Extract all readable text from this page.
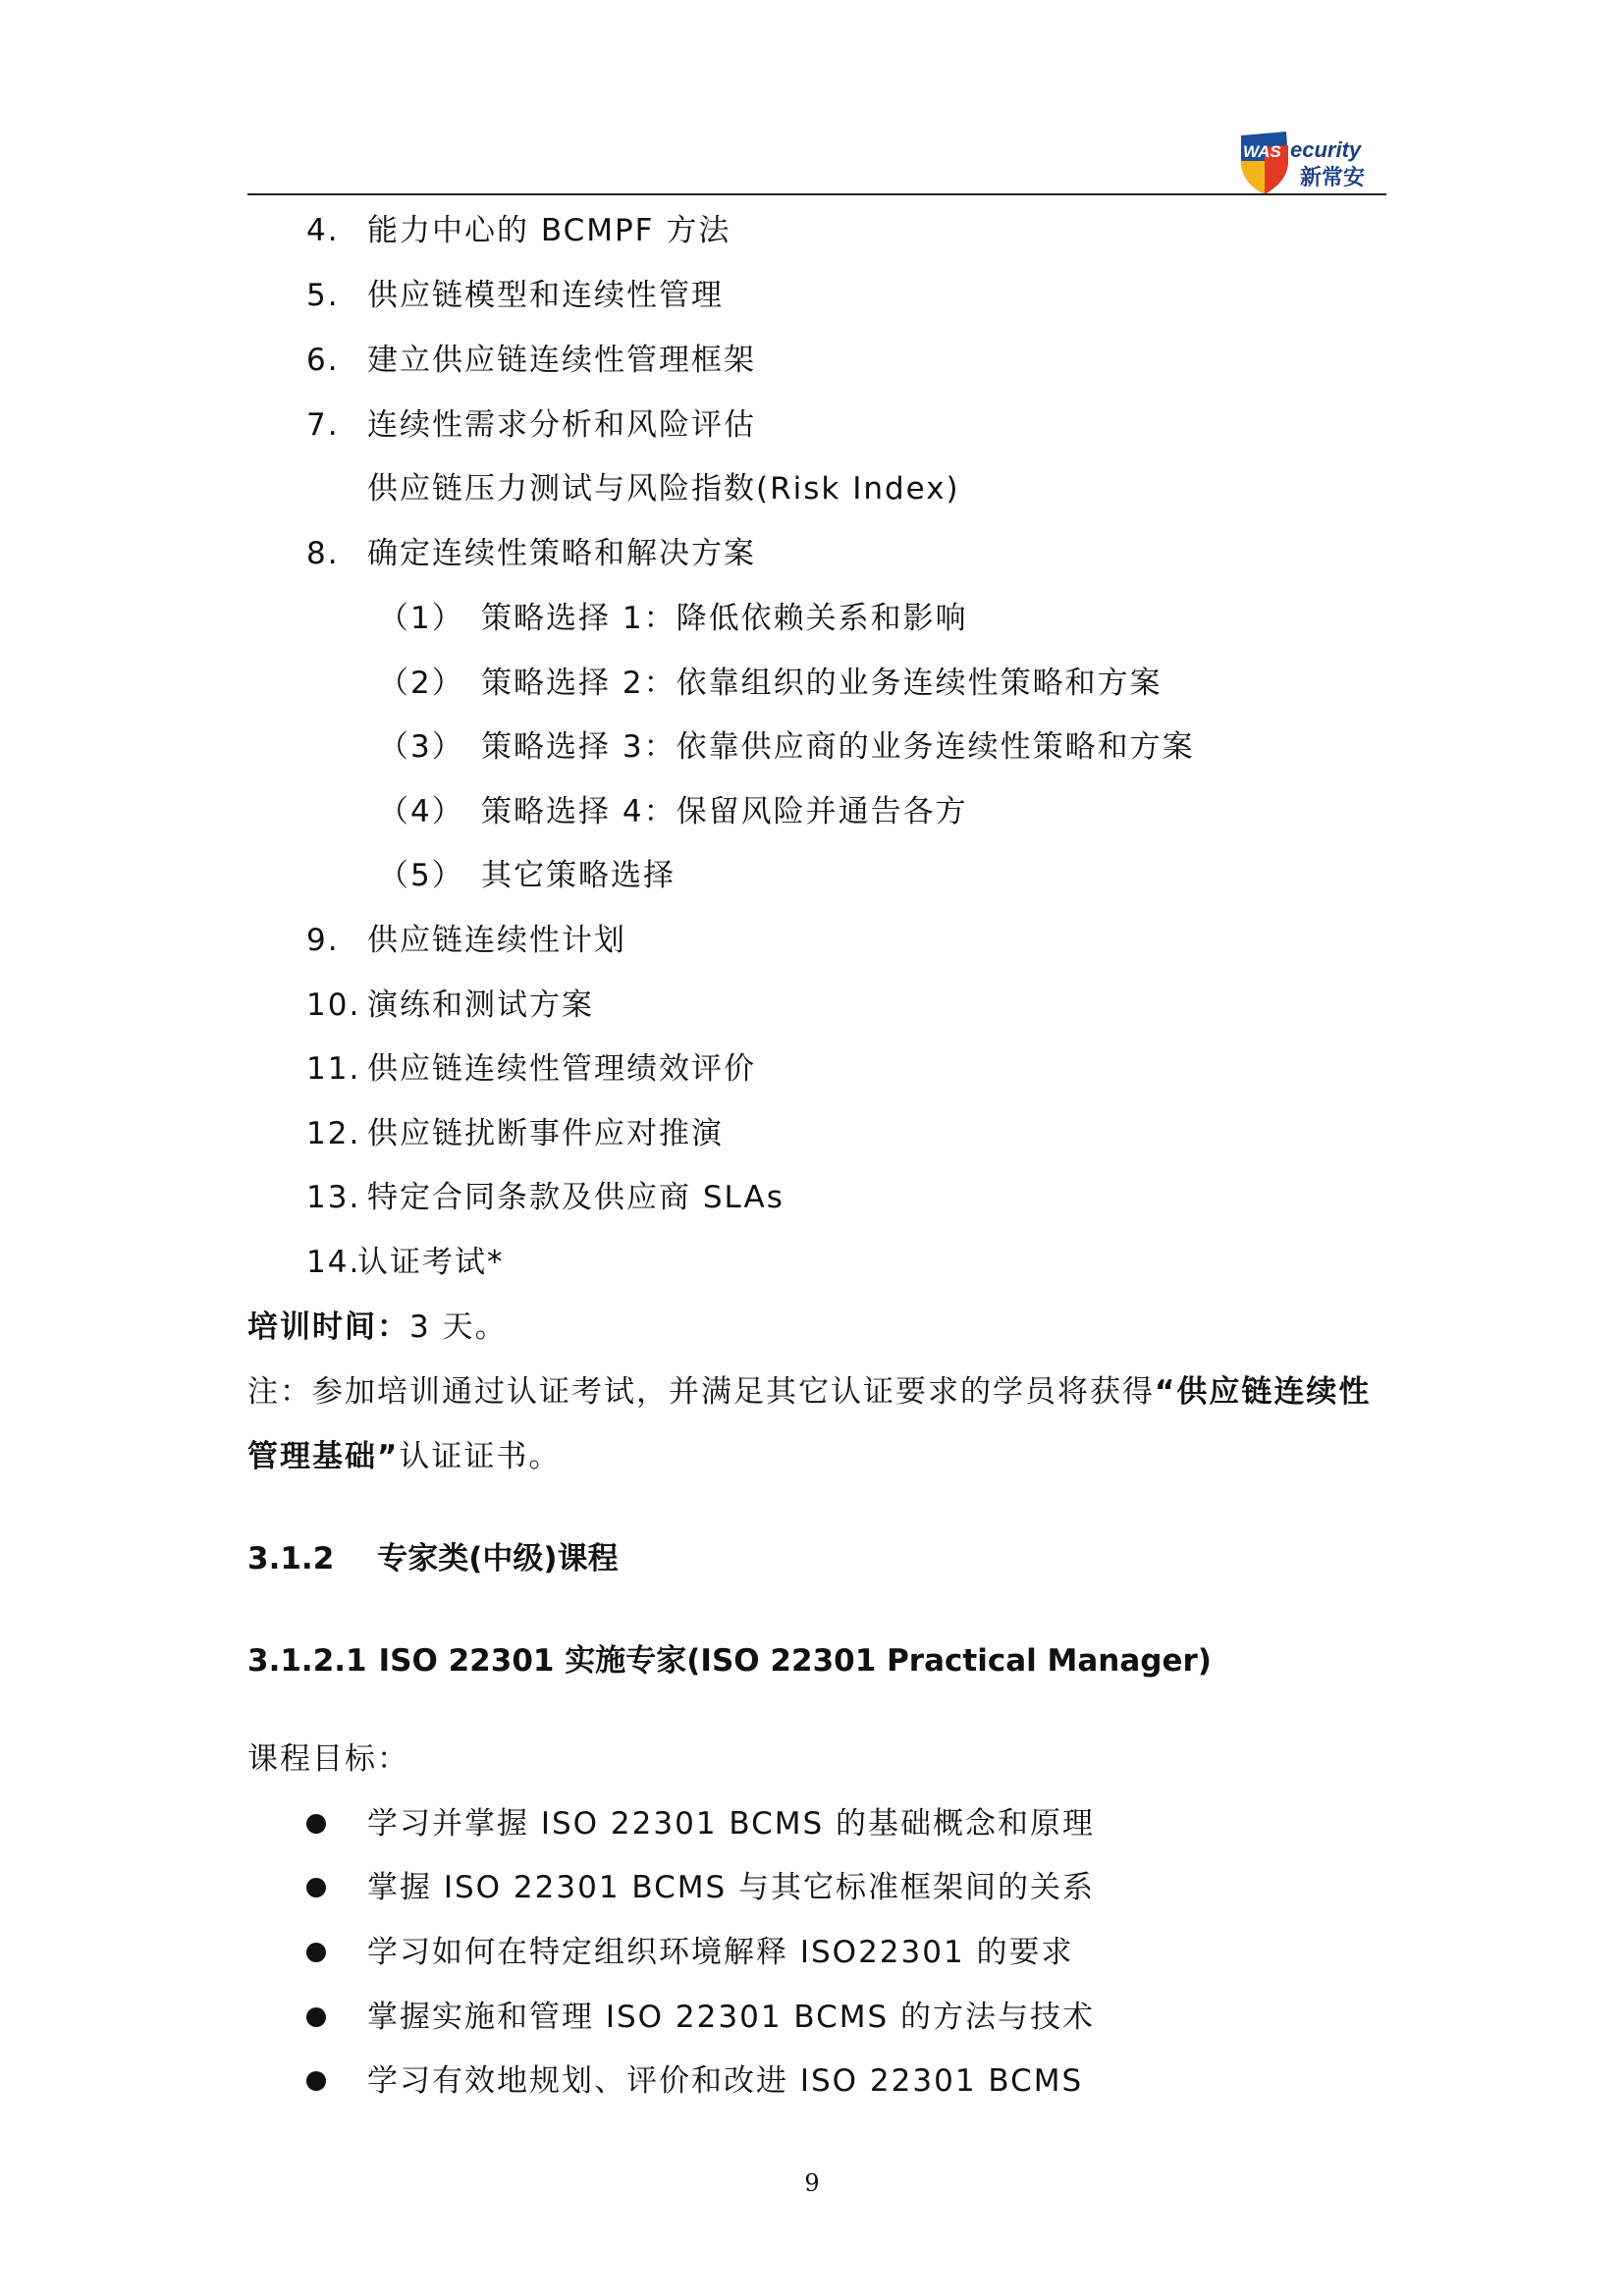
WAS ecurity
新常安
4. 能力中心的 BCMPF 方法
5. 供应链模型和连续性管理
6. 建立供应链连续性管理框架
7. 连续性需求分析和风险评估
供应链压力测试与风险指数(Risk Index)
8. 确定连续性策略和解决方案
（1） 策略选择 1：降低依赖关系和影响
（2） 策略选择 2：依靠组织的业务连续性策略和方案
（3） 策略选择 3：依靠供应商的业务连续性策略和方案
（4） 策略选择 4：保留风险并通告各方
（5） 其它策略选择
9. 供应链连续性计划
10. 演练和测试方案
11. 供应链连续性管理绩效评价
12. 供应链扰断事件应对推演
13. 特定合同条款及供应商 SLAs
14.
认证考试*
培训时间：3 天。
注：参加培训通过认证考试，并满足其它认证要求的学员将获得“供应链连续性
管理基础”认证证书。
3.1.2 专家类(中级)课程
3.1.2.1 ISO 22301 实施专家(ISO 22301 Practical Manager)
课程目标：
学习并掌握 ISO 22301 BCMS 的基础概念和原理
掌握 ISO 22301 BCMS 与其它标准框架间的关系
学习如何在特定组织环境解释 ISO22301 的要求
掌握实施和管理 ISO 22301 BCMS 的方法与技术
学习有效地规划、评价和改进 ISO 22301 BCMS
9
